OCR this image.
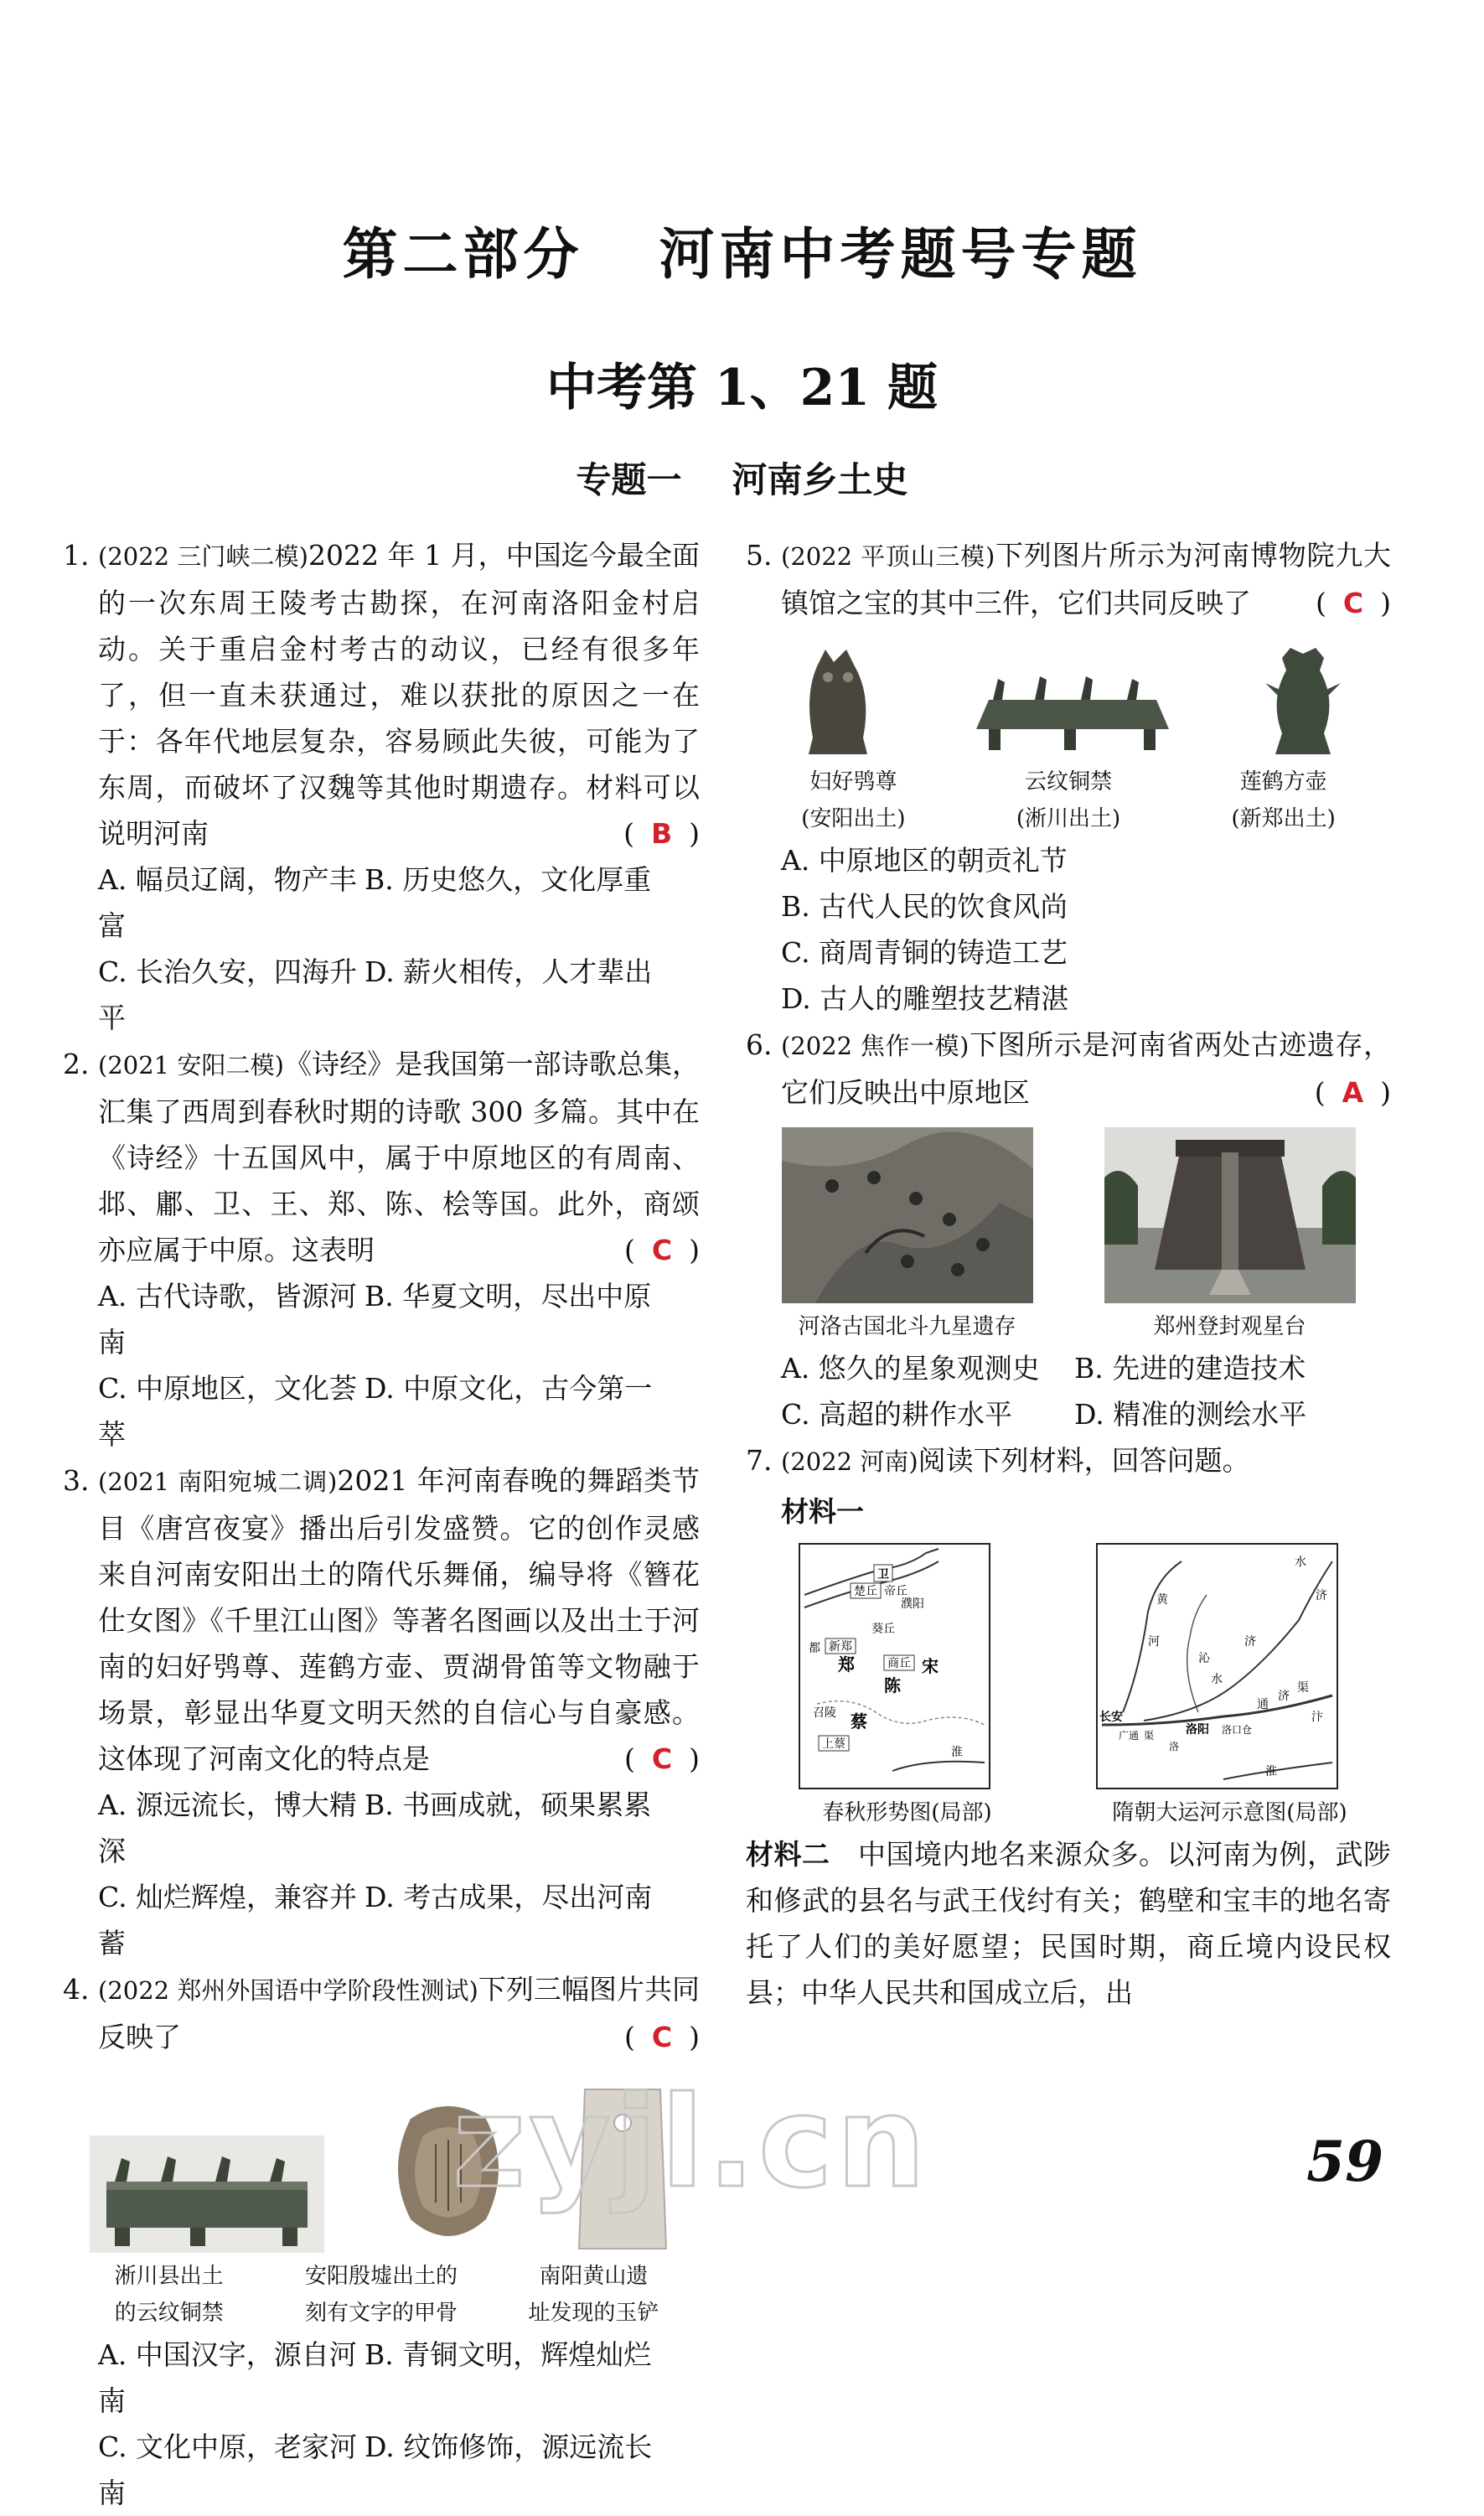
第二部分 河南中考题号专题
中考第 1、21 题
专题一 河南乡土史
1. (2022 三门峡二模)2022 年 1 月，中国迄今最全面的一次东周王陵考古勘探，在河南洛阳金村启动。关于重启金村考古的动议，已经有很多年了，但一直未获通过，难以获批的原因之一在于：各年代地层复杂，容易顾此失彼，可能为了东周，而破坏了汉魏等其他时期遗存。材料可以说明河南	( B )
A. 幅员辽阔，物产丰富
B. 历史悠久，文化厚重
C. 长治久安，四海升平
D. 薪火相传，人才辈出
2. (2021 安阳二模)《诗经》是我国第一部诗歌总集，汇集了西周到春秋时期的诗歌 300 多篇。其中在《诗经》十五国风中，属于中原地区的有周南、邶、鄘、卫、王、郑、陈、桧等国。此外，商颂亦应属于中原。这表明	( C )
A. 古代诗歌，皆源河南
B. 华夏文明，尽出中原
C. 中原地区，文化荟萃
D. 中原文化，古今第一
3. (2021 南阳宛城二调)2021 年河南春晚的舞蹈类节目《唐宫夜宴》播出后引发盛赞。它的创作灵感来自河南安阳出土的隋代乐舞俑，编导将《簪花仕女图》《千里江山图》等著名图画以及出土于河南的妇好鸮尊、莲鹤方壶、贾湖骨笛等文物融于场景，彰显出华夏文明天然的自信心与自豪感。这体现了河南文化的特点是	( C )
A. 源远流长，博大精深
B. 书画成就，硕果累累
C. 灿烂辉煌，兼容并蓄
D. 考古成果，尽出河南
4. (2022 郑州外国语中学阶段性测试)下列三幅图片共同反映了	( C )
淅川县出土
的云纹铜禁
安阳殷墟出土的
刻有文字的甲骨
南阳黄山遗
址发现的玉铲
A. 中国汉字，源自河南
B. 青铜文明，辉煌灿烂
C. 文化中原，老家河南
D. 纹饰修饰，源远流长
5. (2022 平顶山三模)下列图片所示为河南博物院九大镇馆之宝的其中三件，它们共同反映了 ( C )
妇好鸮尊
(安阳出土)
云纹铜禁
(淅川出土)
莲鹤方壶
(新郑出土)
A. 中原地区的朝贡礼节
B. 古代人民的饮食风尚
C. 商周青铜的铸造工艺
D. 古人的雕塑技艺精湛
6. (2022 焦作一模)下图所示是河南省两处古迹遗存，它们反映出中原地区	( A )
河洛古国北斗九星遗存	郑州登封观星台
A. 悠久的星象观测史	B. 先进的建造技术
C. 高超的耕作水平	D. 精准的测绘水平
7. (2022 河南)阅读下列材料，回答问题。
材料一
卫
楚丘 帝丘
濮阳
葵丘
新郑
都
郑	商丘 宋
陈
召陵 蔡
上蔡
淮
黄
河
沁
水
济
水
济
长安
广通 渠
洛
洛阳 洛口仓
通
济
渠
汴
淮
春秋形势图(局部)	隋朝大运河示意图(局部)
材料二　 中国境内地名来源众多。以河南为例，武陟和修武的县名与武王伐纣有关；鹤壁和宝丰的地名寄托了人们的美好愿望；民国时期，商丘境内设民权县；中华人民共和国成立后，出
zyjl.cn	59
